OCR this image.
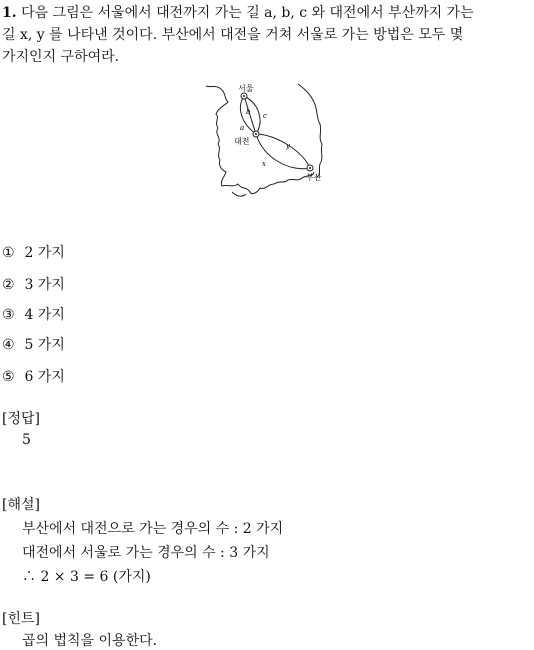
1. 다음 그림은 서울에서 대전까지 가는 길 a, b, c 와 대전에서 부산까지 가는
길 x, y 를 나타낸 것이다. 부산에서 대전을 거쳐 서울로 가는 방법은 모두 몇
가지인지 구하여라.
서울
대전
부산
a
b c
x
y
① 2 가지
② 3 가지
③ 4 가지
④ 5 가지
⑤ 6 가지
[정답]
5
[해설]
부산에서 대전으로 가는 경우의 수 : 2 가지
대전에서 서울로 가는 경우의 수 : 3 가지
∴ 2 × 3 = 6 (가지)
[힌트]
곱의 법칙을 이용한다.
